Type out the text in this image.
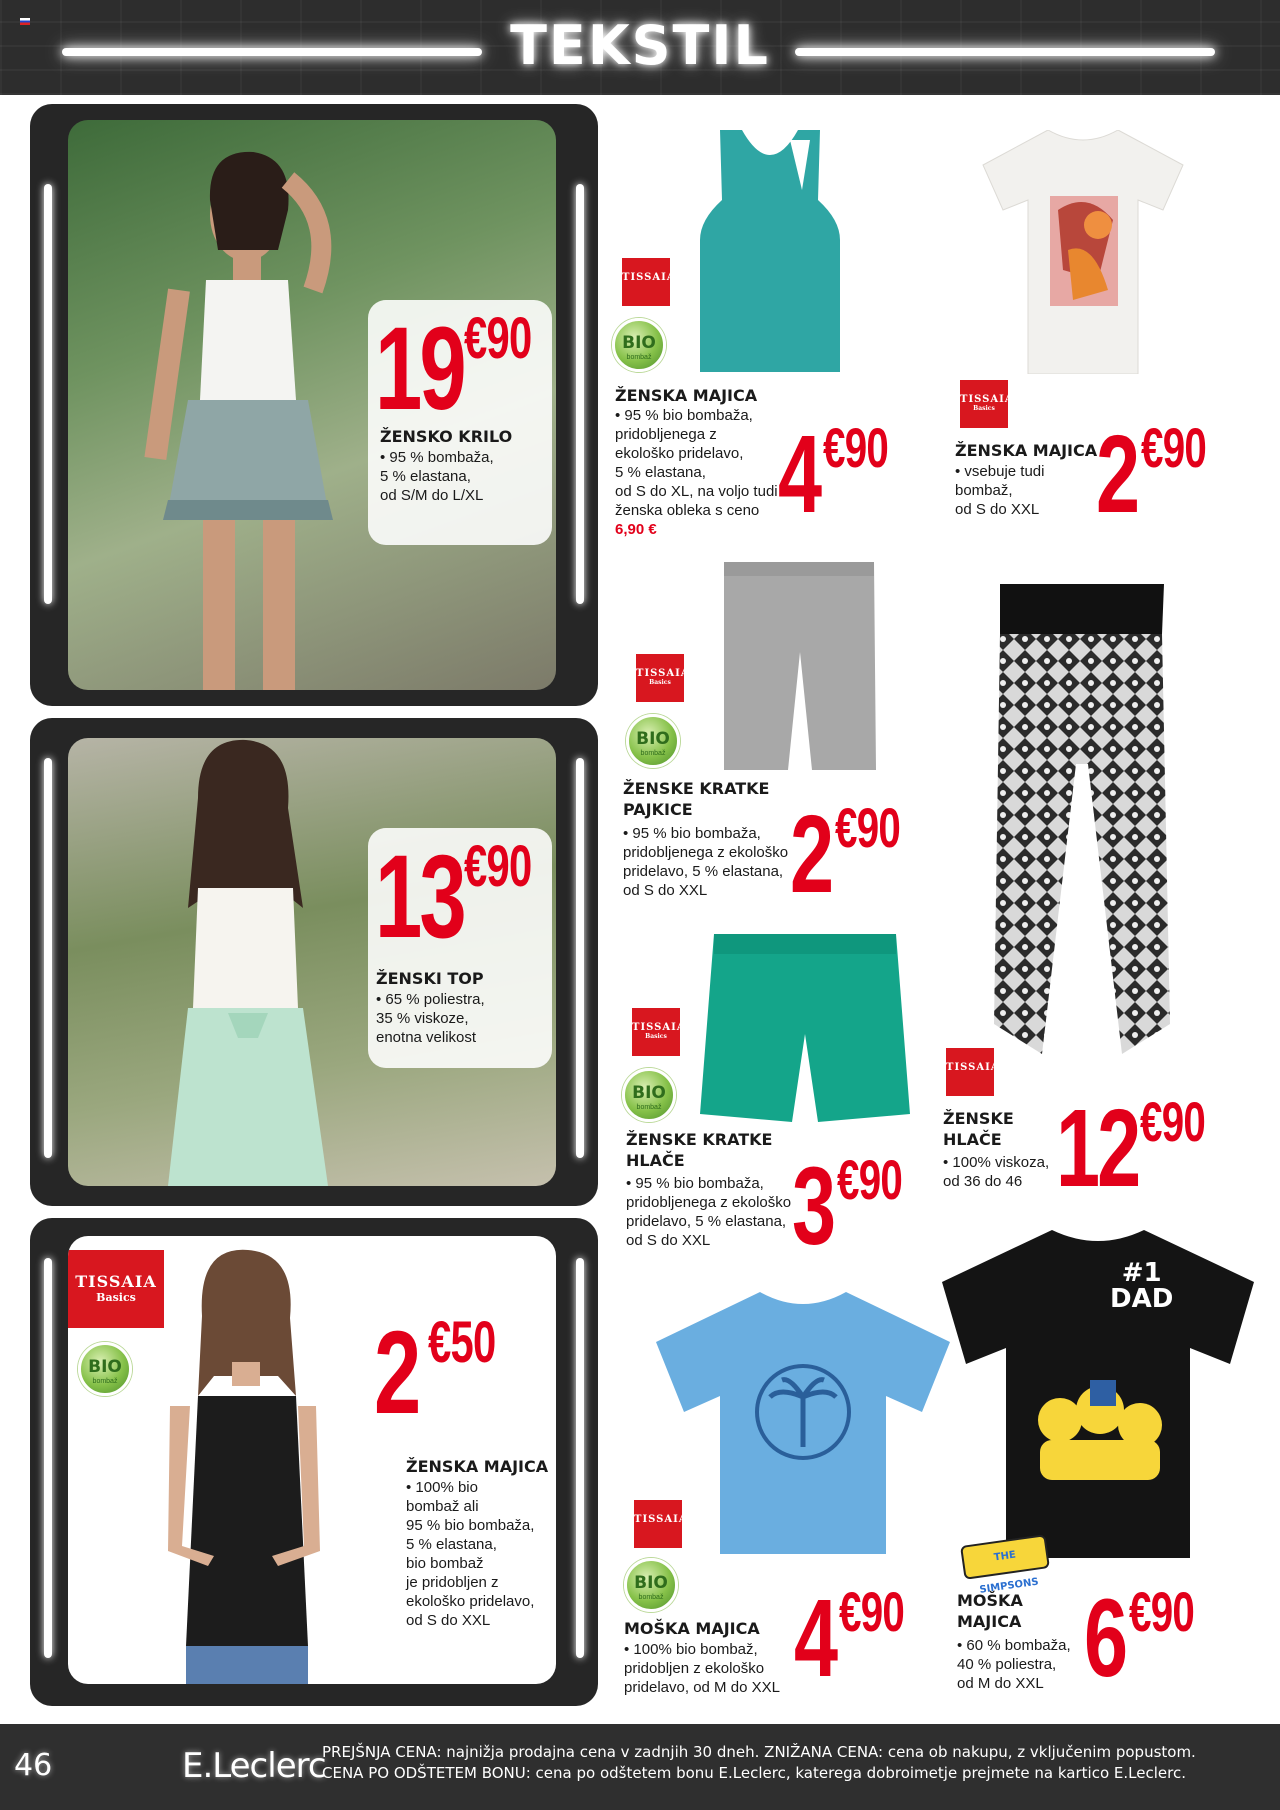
TEKSTIL
19€90
ŽENSKO KRILO
• 95 % bombaža,
5 % elastana,
od S/M do L/XL
13€90
ŽENSKI TOP
• 65 % poliestra,
35 % viskoze,
enotna velikost
TISSAIA
Basics
BIO
bombaž 2 €50
ŽENSKA MAJICA
• 100% bio
bombaž ali
95 % bio bombaža,
5 % elastana,
bio bombaž
je pridobljen z
ekološko pridelavo,
od S do XXL
TISSAIA
BIO
bombaž
ŽENSKA MAJICA
• 95 % bio bombaža,
pridobljenega z
ekološko pridelavo,
5 % elastana,
od S do XL, na voljo tudi
ženska obleka s ceno
6,90 €	4€90
TISSAIA
Basics
ŽENSKA MAJICA
• vsebuje tudi
bombaž,
od S do XXL 2€90
TISSAIA
Basics
BIO
bombaž
ŽENSKE KRATKE
PAJKICE
• 95 % bio bombaža,
pridobljenega z ekološko
pridelavo, 5 % elastana,
od S do XXL 2€90
TISSAIA
ŽENSKE
HLAČE
• 100% viskoza,
od 36 do 46 12€90
TISSAIA
Basics
BIO
bombaž
ŽENSKE KRATKE
HLAČE
• 95 % bio bombaža,
pridobljenega z ekološko
pridelavo, 5 % elastana,
od S do XXL 3€90
TISSAIA
BIO
bombaž
MOŠKA MAJICA
• 100% bio bombaž,
pridobljen z ekološko
pridelavo, od M do XXL 4€90
#1
DAD
THE SIMPSONS
MOŠKA
MAJICA
• 60 % bombaža,
40 % poliestra,
od M do XXL 6€90
46	E.Leclerc
PREJŠNJA CENA: najnižja prodajna cena v zadnjih 30 dneh. ZNIŽANA CENA: cena ob nakupu, z vključenim popustom.
CENA PO ODŠTETEM BONU: cena po odštetem bonu E.Leclerc, katerega dobroimetje prejmete na kartico E.Leclerc.
